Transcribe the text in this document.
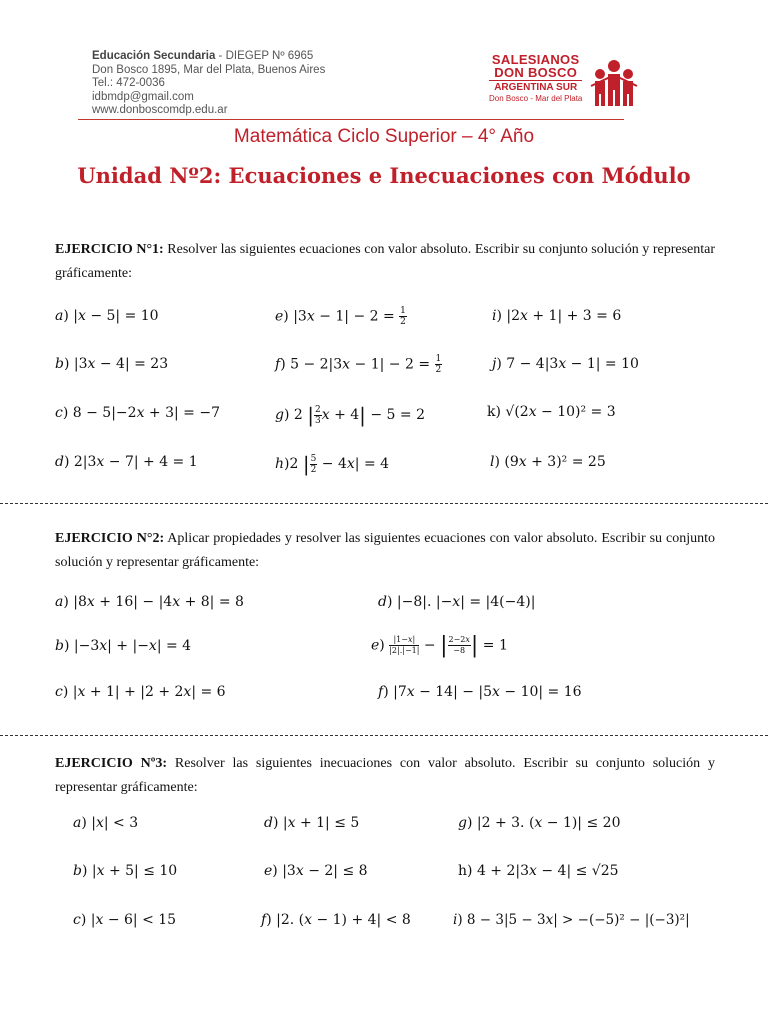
Educación Secundaria - DIEGEP Nº 6965
Don Bosco 1895, Mar del Plata, Buenos Aires
Tel.: 472-0036
idbmdp@gmail.com
www.donboscomdp.edu.ar
SALESIANOS
DON BOSCO
ARGENTINA SUR
Don Bosco - Mar del Plata
Matemática Ciclo Superior – 4° Año
Unidad Nº2: Ecuaciones e Inecuaciones con Módulo
EJERCICIO N°1: Resolver las siguientes ecuaciones con valor absoluto. Escribir su conjunto solución y representar gráficamente:
a) |𝑥 − 5| = 10
b) |3𝑥 − 4| = 23
c) 8 − 5|−2𝑥 + 3| = −7
d) 2|3𝑥 − 7| + 4 = 1
e) |3𝑥 − $1| - 2 = \frac{1}{2}$
f) 5 − 2|3𝑥 − $1| - 2 = \frac{1}{2}$
g) 2 | $\frac{2}{3}$ 𝑥 + 4| − 5 = 2
h)2 | $\frac{5}{2}$ − 4𝑥| = 4
i) |2𝑥 + 1| + 3 = 6
j) 7 − 4|3𝑥 − 1| = 10
k) √(2𝑥 − 10)² = 3
l) (9𝑥 + 3)² = 25
EJERCICIO N°2: Aplicar propiedades y resolver las siguientes ecuaciones con valor absoluto. Escribir su conjunto solución y representar gráficamente:
a) |8𝑥 + 16| − |4𝑥 + 8| = 8
b) |−3𝑥| + |−𝑥| = 4
c) |𝑥 + 1| + |2 + 2𝑥| = 6
d) |−8|. |−𝑥| = |4(−4)|
$e) \frac{\text{|1−𝑥|}}{|2|.|-1|}$ − | $\frac{\text{2−2𝑥}}{-8}$ | = 1
f) |7𝑥 − 14| − |5𝑥 − 10| = 16
EJERCICIO Nº3: Resolver las siguientes inecuaciones con valor absoluto. Escribir su conjunto solución y representar gráficamente:
a) |𝑥| < 3
b) |𝑥 + 5| ≤ 10
c) |𝑥 − 6| < 15
d) |𝑥 + 1| ≤ 5
e) |3𝑥 − 2| ≤ 8
f) |2. (𝑥 − 1) + 4| < 8
g) |2 + 3. (𝑥 − 1)| ≤ 20
h) 4 + 2|3𝑥 − 4| ≤ √25
i) 8 − 3|5 − 3𝑥| > −(−5)² − |(−3)²|
